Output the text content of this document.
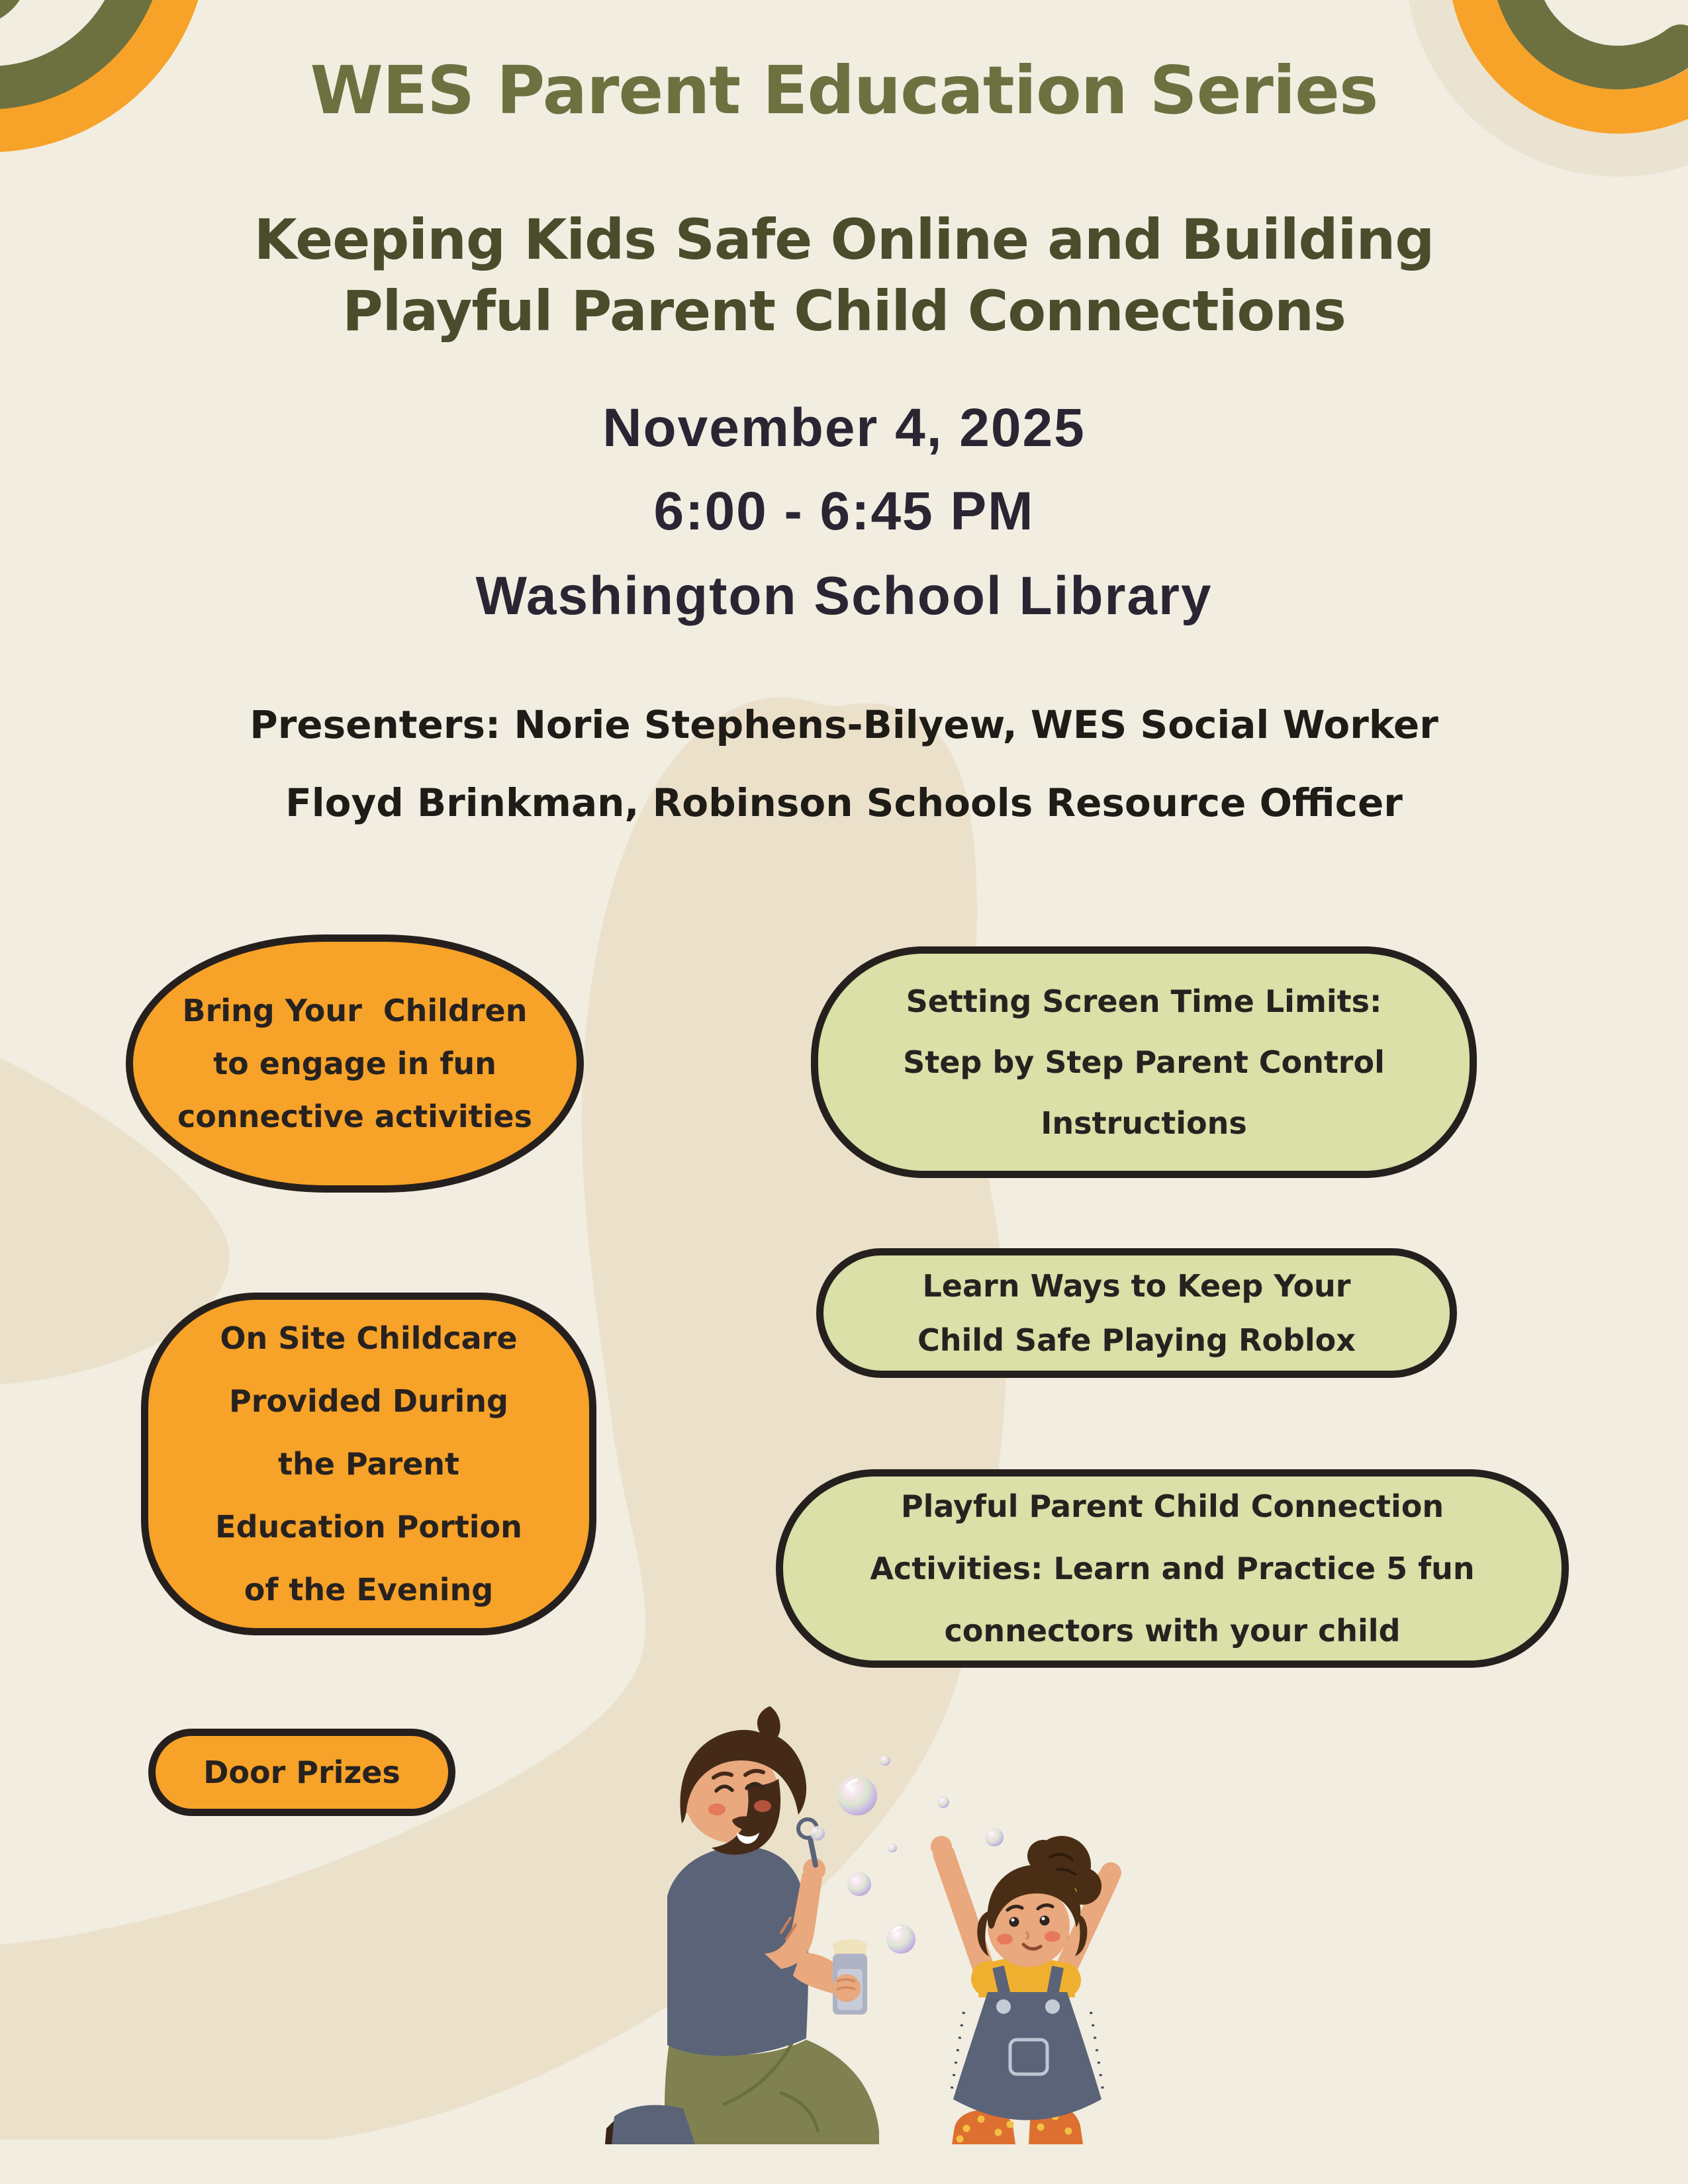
WES Parent Education Series
Keeping Kids Safe Online and Building
Playful Parent Child Connections
November 4, 2025
6:00 - 6:45 PM
Washington School Library
Presenters: Norie Stephens-Bilyew, WES Social Worker
Floyd Brinkman, Robinson Schools Resource Officer
Bring Your  Children
to engage in fun
connective activities
On Site Childcare
Provided During
the Parent
Education Portion
of the Evening
Door Prizes
Setting Screen Time Limits:
Step by Step Parent Control
Instructions
Learn Ways to Keep Your
Child Safe Playing Roblox
Playful Parent Child Connection
Activities: Learn and Practice 5 fun
connectors with your child
